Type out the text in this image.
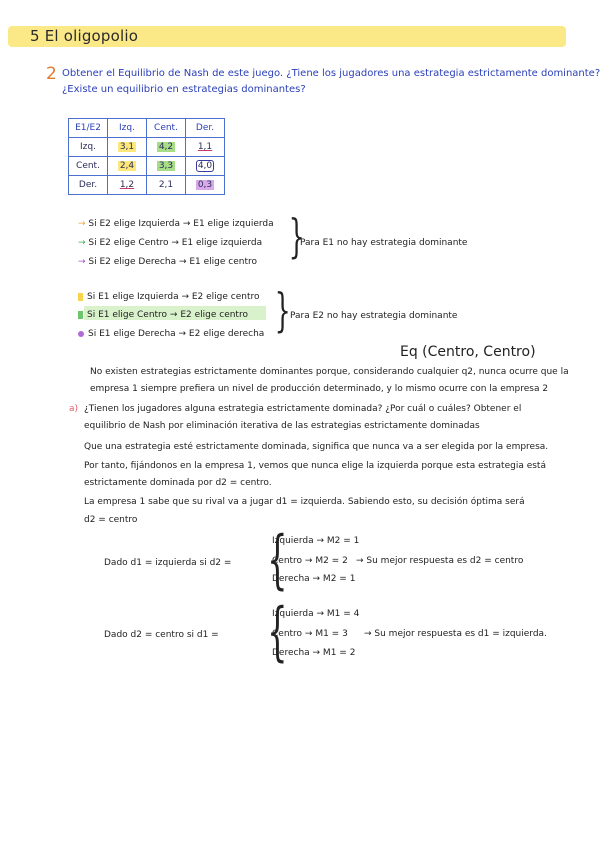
5 El oligopolio
2 Obtener el Equilibrio de Nash de este juego. ¿Tiene los jugadores una estrategia estrictamente dominante?
¿Existe un equilibrio en estrategias dominantes?
E1/E2	Izq.	Cent.	Der.
Izq.	3,1	4,2	1,1
Cent.	2,4	3,3	4,0
Der.	1,2	2,1	0,3
→ Si E2 elige Izquierda → E1 elige izquierda
→ Si E2 elige Centro → E1 elige izquierda
→ Si E2 elige Derecha → E1 elige centro }
Para E1 no hay estrategia dominante
Si E1 elige Izquierda → E2 elige centro
Si E1 elige Centro → E2 elige centro
Si E1 elige Derecha → E2 elige derecha } Para E2 no hay estrategia dominante
Eq (Centro, Centro)
No existen estrategias estrictamente dominantes porque, considerando cualquier q2, nunca ocurre que la
empresa 1 siempre prefiera un nivel de producción determinado, y lo mismo ocurre con la empresa 2
a) ¿Tienen los jugadores alguna estrategia estrictamente dominada? ¿Por cuál o cuáles? Obtener el
equilibrio de Nash por eliminación iterativa de las estrategias estrictamente dominadas
Que una estrategia esté estrictamente dominada, significa que nunca va a ser elegida por la empresa.
Por tanto, fijándonos en la empresa 1, vemos que nunca elige la izquierda porque esta estrategia está
estrictamente dominada por d2 = centro.
La empresa 1 sabe que su rival va a jugar d1 = izquierda. Sabiendo esto, su decisión óptima será
d2 = centro
Dado d1 = izquierda si d2 = {
Izquierda → M2 = 1
Centro → M2 = 2
Derecha → M2 = 1
→ Su mejor respuesta es d2 = centro
Dado d2 = centro si d1 = {
Izquierda → M1 = 4
Centro → M1 = 3
Derecha → M1 = 2
→ Su mejor respuesta es d1 = izquierda.
